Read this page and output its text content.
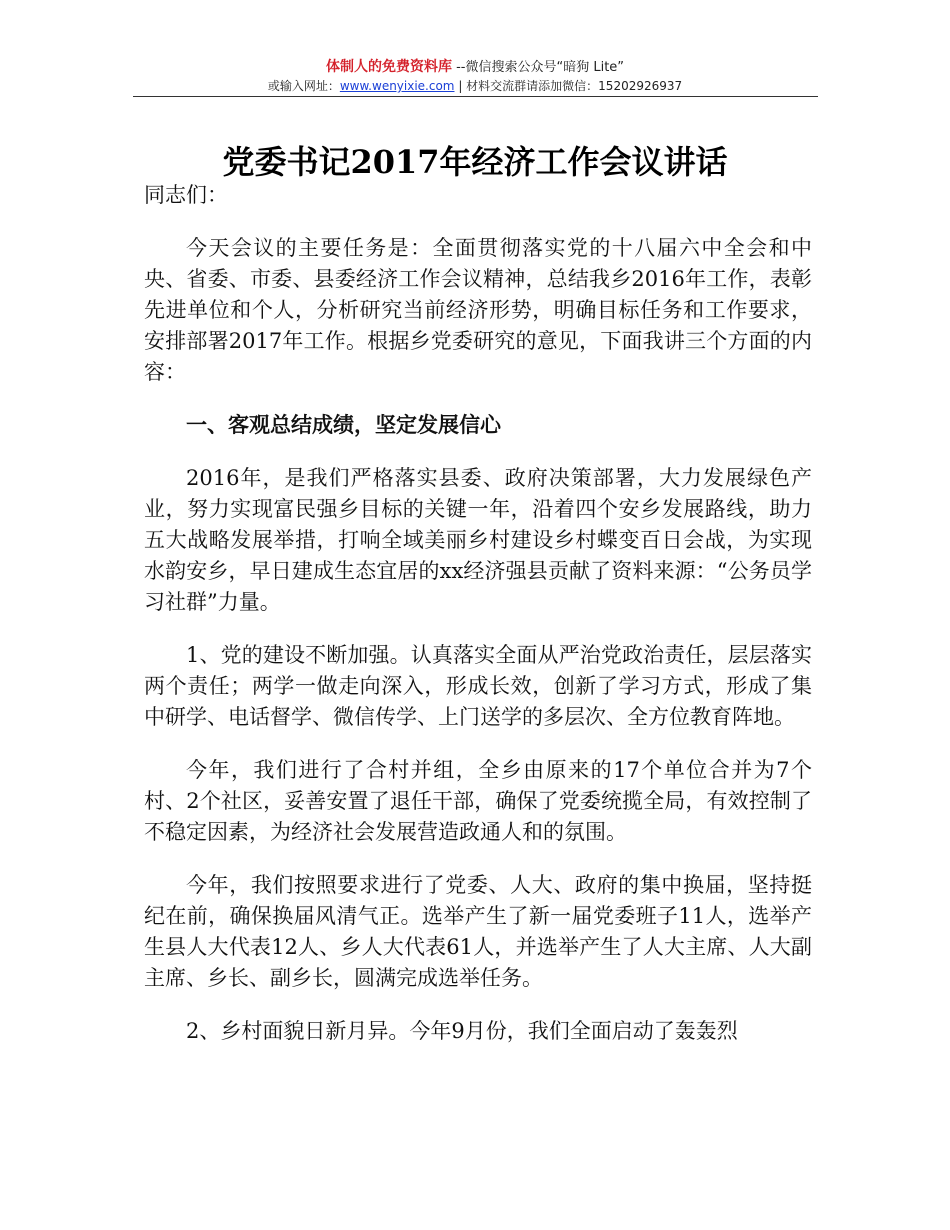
体制人的免费资料库 --微信搜索公众号“暗狗 Lite”
或输入网址：www.wenyixie.com | 材料交流群请添加微信：15202926937
党委书记2017年经济工作会议讲话

同志们：

今天会议的主要任务是：全面贯彻落实党的十八届六中全会和中央、省委、市委、县委经济工作会议精神，总结我乡2016年工作，表彰先进单位和个人，分析研究当前经济形势，明确目标任务和工作要求，安排部署2017年工作。根据乡党委研究的意见，下面我讲三个方面的内容：

一、客观总结成绩，坚定发展信心

2016年，是我们严格落实县委、政府决策部署，大力发展绿色产业，努力实现富民强乡目标的关键一年，沿着四个安乡发展路线，助力五大战略发展举措，打响全域美丽乡村建设乡村蝶变百日会战，为实现水韵安乡，早日建成生态宜居的xx经济强县贡献了资料来源：“公务员学习社群”力量。

1、党的建设不断加强。认真落实全面从严治党政治责任，层层落实两个责任；两学一做走向深入，形成长效，创新了学习方式，形成了集中研学、电话督学、微信传学、上门送学的多层次、全方位教育阵地。

今年，我们进行了合村并组，全乡由原来的17个单位合并为7个村、2个社区，妥善安置了退任干部，确保了党委统揽全局，有效控制了不稳定因素，为经济社会发展营造政通人和的氛围。

今年，我们按照要求进行了党委、人大、政府的集中换届，坚持挺纪在前，确保换届风清气正。选举产生了新一届党委班子11人，选举产生县人大代表12人、乡人大代表61人，并选举产生了人大主席、人大副主席、乡长、副乡长，圆满完成选举任务。

2、乡村面貌日新月异。今年9月份，我们全面启动了轰轰烈
